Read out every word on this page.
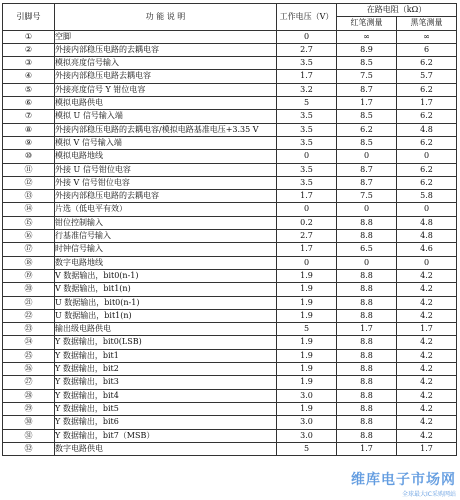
引脚号	功 能 说 明	工作电压（V）	在路电阻（kΩ）	
			红笔测量	黑笔测量
①	空脚	0	∞	∞
②	外接内部稳压电路的去耦电容	2.7	8.9	6
③	模拟亮度信号输入	3.5	8.5	6.2
④	外接内部稳压电路去耦电容	1.7	7.5	5.7
⑤	外接亮度信号 Y 钳位电容	3.2	8.7	6.2
⑥	模拟电路供电	5	1.7	1.7
⑦	模拟 U 信号输入端	3.5	8.5	6.2
⑧	外接内部稳压电路的去耦电容/模拟电路基准电压+3.35 V	3.5	6.2	4.8
⑨	模拟 V 信号输入端	3.5	8.5	6.2
⑩	模拟电路地线	0	0	0
⑪	外接 U 信号钳位电容	3.5	8.7	6.2
⑫	外接 V 信号钳位电容	3.5	8.7	6.2
⑬	外接内部稳压电路的去耦电容	1.7	7.5	5.8
⑭	片选（低电平有效）	0	0	0
⑮	钳位控制输入	0.2	8.8	4.8
⑯	行基准信号输入	2.7	8.8	4.8
⑰	时钟信号输入	1.7	6.5	4.6
⑱	数字电路地线	0	0	0
⑲	V 数据输出，bit0(n-1)	1.9	8.8	4.2
⑳	V 数据输出，bit1(n)	1.9	8.8	4.2
㉑	U 数据输出，bit0(n-1)	1.9	8.8	4.2
㉒	U 数据输出，bit1(n)	1.9	8.8	4.2
㉓	输出级电路供电	5	1.7	1.7
㉔	Y 数据输出，bit0(LSB)	1.9	8.8	4.2
㉕	Y 数据输出，bit1	1.9	8.8	4.2
㉖	Y 数据输出，bit2	1.9	8.8	4.2
㉗	Y 数据输出，bit3	1.9	8.8	4.2
㉘	Y 数据输出，bit4	3.0	8.8	4.2
㉙	Y 数据输出，bit5	1.9	8.8	4.2
㉚	Y 数据输出，bit6	3.0	8.8	4.2
㉛	Y 数据输出，bit7（MSB）	3.0	8.8	4.2
㉜	数字电路供电	5	1.7	1.7
维库电子市场网
全球最大IC采购网站
